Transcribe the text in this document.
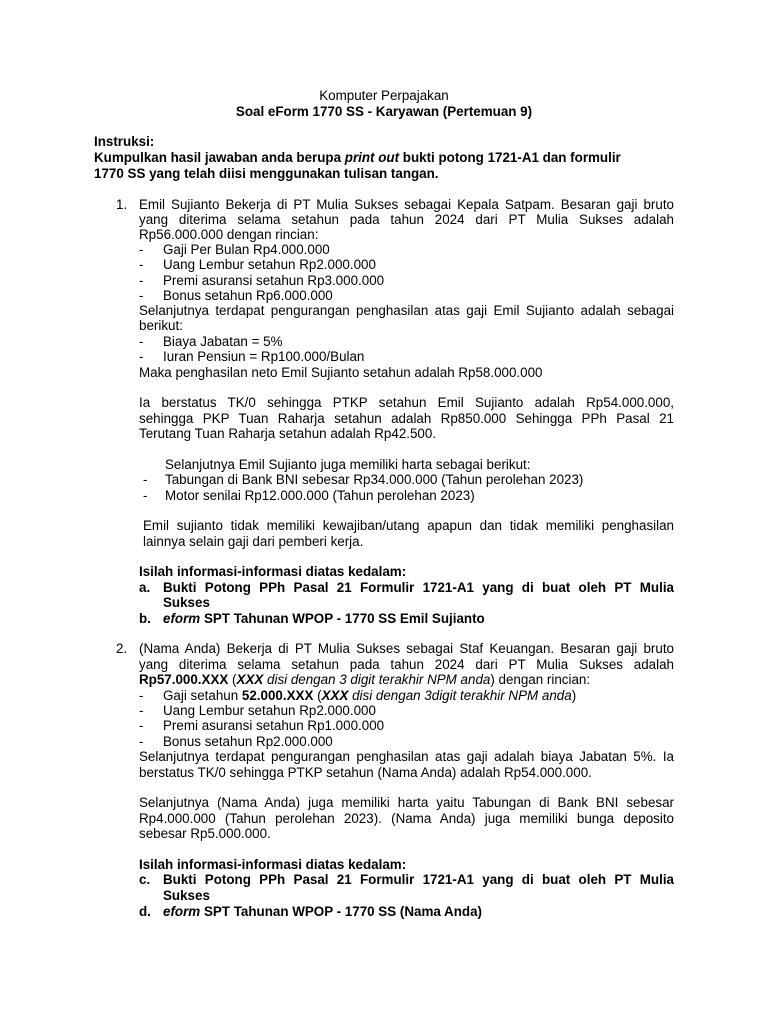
Komputer Perpajakan
Soal eForm 1770 SS - Karyawan (Pertemuan 9)
Instruksi:
Kumpulkan hasil jawaban anda berupa print out bukti potong 1721-A1 dan formulir
1770 SS yang telah diisi menggunakan tulisan tangan.
1. Emil Sujianto Bekerja di PT Mulia Sukses sebagai Kepala Satpam. Besaran gaji bruto
yang diterima selama setahun pada tahun 2024 dari PT Mulia Sukses adalah
Rp56.000.000 dengan rincian:
- Gaji Per Bulan Rp4.000.000
- Uang Lembur setahun Rp2.000.000
- Premi asuransi setahun Rp3.000.000
- Bonus setahun Rp6.000.000
Selanjutnya terdapat pengurangan penghasilan atas gaji Emil Sujianto adalah sebagai
berikut:
- Biaya Jabatan = 5%
- Iuran Pensiun = Rp100.000/Bulan
Maka penghasilan neto Emil Sujianto setahun adalah Rp58.000.000
Ia berstatus TK/0 sehingga PTKP setahun Emil Sujianto adalah Rp54.000.000,
sehingga PKP Tuan Raharja setahun adalah Rp850.000 Sehingga PPh Pasal 21
Terutang Tuan Raharja setahun adalah Rp42.500.
Selanjutnya Emil Sujianto juga memiliki harta sebagai berikut:
- Tabungan di Bank BNI sebesar Rp34.000.000 (Tahun perolehan 2023)
- Motor senilai Rp12.000.000 (Tahun perolehan 2023)
Emil sujianto tidak memiliki kewajiban/utang apapun dan tidak memiliki penghasilan
lainnya selain gaji dari pemberi kerja.
Isilah informasi-informasi diatas kedalam:
a. Bukti Potong PPh Pasal 21 Formulir 1721-A1 yang di buat oleh PT Mulia
Sukses
b. eform SPT Tahunan WPOP - 1770 SS Emil Sujianto
2. (Nama Anda) Bekerja di PT Mulia Sukses sebagai Staf Keuangan. Besaran gaji bruto
yang diterima selama setahun pada tahun 2024 dari PT Mulia Sukses adalah
Rp57.000.XXX (XXX disi dengan 3 digit terakhir NPM anda) dengan rincian:
- Gaji setahun 52.000.XXX (XXX disi dengan 3digit terakhir NPM anda)
- Uang Lembur setahun Rp2.000.000
- Premi asuransi setahun Rp1.000.000
- Bonus setahun Rp2.000.000
Selanjutnya terdapat pengurangan penghasilan atas gaji adalah biaya Jabatan 5%. Ia
berstatus TK/0 sehingga PTKP setahun (Nama Anda) adalah Rp54.000.000.
Selanjutnya (Nama Anda) juga memiliki harta yaitu Tabungan di Bank BNI sebesar
Rp4.000.000 (Tahun perolehan 2023). (Nama Anda) juga memiliki bunga deposito
sebesar Rp5.000.000.
Isilah informasi-informasi diatas kedalam:
c. Bukti Potong PPh Pasal 21 Formulir 1721-A1 yang di buat oleh PT Mulia
Sukses
d. eform SPT Tahunan WPOP - 1770 SS (Nama Anda)
